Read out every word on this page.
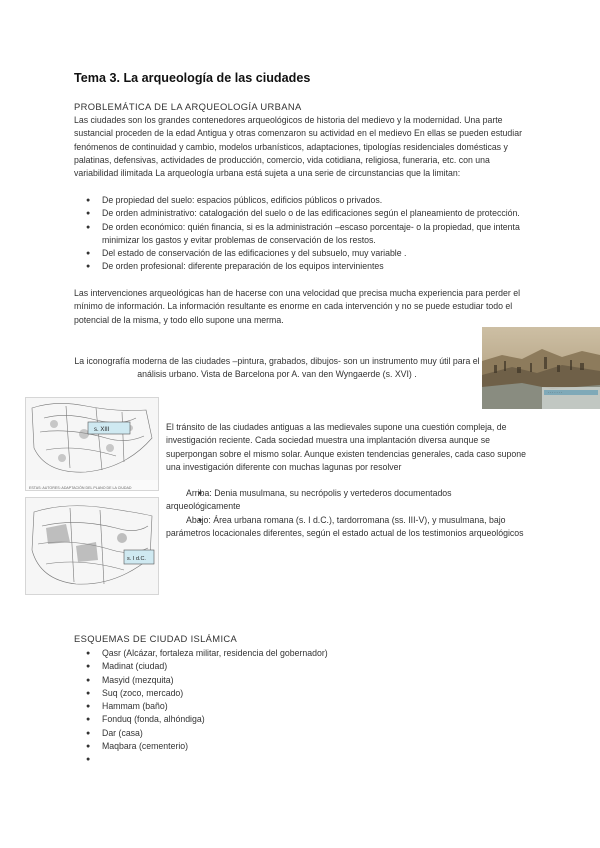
Tema 3. La arqueología de las ciudades
PROBLEMÁTICA DE LA ARQUEOLOGÍA URBANA

Las ciudades son los grandes contenedores arqueológicos de historia del medievo y la modernidad. Una parte sustancial proceden de la edad Antigua y otras comenzaron su actividad en el medievo En ellas se pueden estudiar fenómenos de continuidad y cambio, modelos urbanísticos, adaptaciones, tipologías residenciales domésticas y palatinas, defensivas, actividades de producción, comercio, vida cotidiana, religiosa, funeraria, etc. con una variabilidad ilimitada La arqueología urbana está sujeta a una serie de circunstancias que la limitan:

● De propiedad del suelo: espacios públicos, edificios públicos o privados.
● De orden administrativo: catalogación del suelo o de las edificaciones según el planeamiento de protección.
● De orden económico: quién financia, si es la administración –escaso porcentaje- o la propiedad, que intenta minimizar los gastos y evitar problemas de conservación de los restos.
● Del estado de conservación de las edificaciones y del subsuelo, muy variable .
● De orden profesional: diferente preparación de los equipos intervinientes

Las intervenciones arqueológicas han de hacerse con una velocidad que precisa mucha experiencia para perder el mínimo de información. La información resultante es enorme en cada intervención y no se puede estudiar todo el potencial de la misma, y todo ello supone una merma.

· · · · · · ·
La iconografía moderna de las ciudades –pintura, grabados, dibujos- son un instrumento muy útil para el análisis urbano. Vista de Barcelona por A. van den Wyngaerde (s. XVI) .
s. XIII
ESTAS: AUTORES: ADAPTACIÓN DEL PLANO DE LA CIUDAD
s. I d.C.

El tránsito de las ciudades antiguas a las medievales supone una cuestión compleja, de investigación reciente. Cada sociedad muestra una implantación diversa aunque se superpongan sobre el mismo solar. Aunque existen tendencias generales, cada caso supone una investigación diferente con muchas lagunas por resolver

● Arriba: Denia musulmana, su necrópolis y vertederos documentados arqueológicamente
● Abajo: Área urbana romana (s. I d.C.), tardorromana (ss. III-V), y musulmana, bajo parámetros locacionales diferentes, según el estado actual de los testimonios arqueológicos
ESQUEMAS DE CIUDAD ISLÁMICA
● Qasr (Alcázar, fortaleza militar, residencia del gobernador)
● Madinat (ciudad)
● Masyid (mezquita)
● Suq (zoco, mercado)
● Hammam (baño)
● Fonduq (fonda, alhóndiga)
● Dar (casa)
● Maqbara (cementerio)
●
